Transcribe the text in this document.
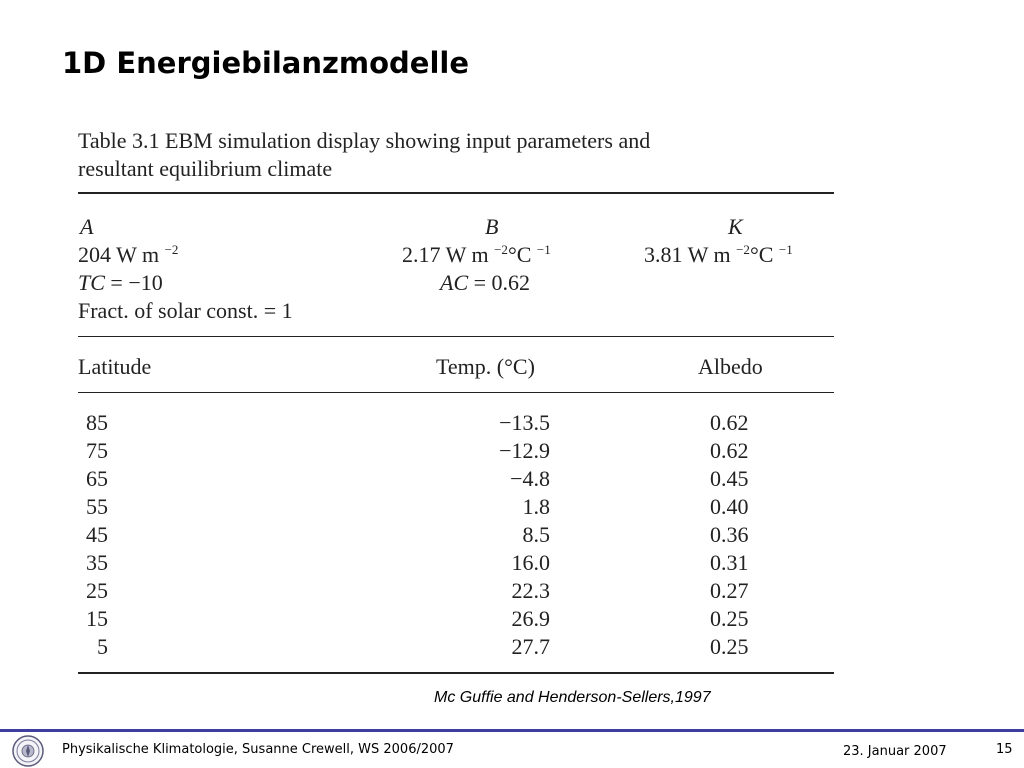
1D Energiebilanzmodelle
Table 3.1 EBM simulation display showing input parameters and
resultant equilibrium climate
A	B	K
204 W m $^{-2}$	2.17 W m $^{-2}$°C $^{-1}$	3.81 W m $^{-2}$°C $^{-1}$
TC = −10	AC = 0.62
Fract. of solar const. = 1
Latitude	Temp. (°C)	Albedo
85	−13.5	0.62
75	−12.9	0.62
65	−4.8	0.45
55	1.8	0.40
45	8.5	0.36
35	16.0	0.31
25	22.3	0.27
15	26.9	0.25
5	27.7	0.25
Mc Guffie and Henderson-Sellers,1997
Physikalische Klimatologie, Susanne Crewell, WS 2006/2007	23. Januar 2007	15
